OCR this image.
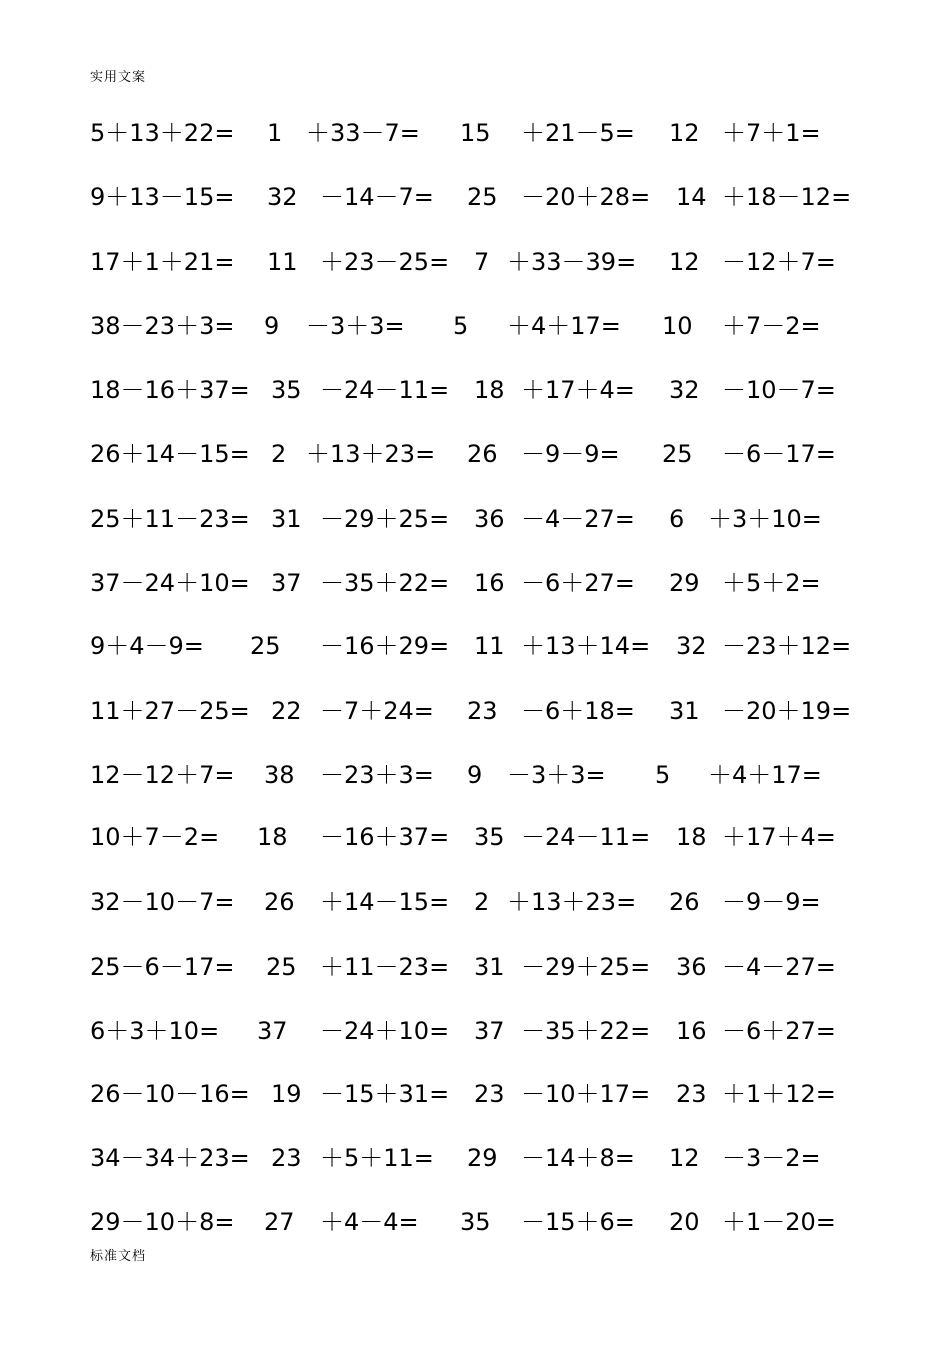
实用文案
5＋13＋22= 1 ＋33－7= 15 ＋21－5= 12 ＋7＋1=
9＋13－15= 32 －14－7= 25 －20＋28= 14 ＋18－12=
17＋1＋21= 11 ＋23－25= 7 ＋33－39= 12 －12＋7=
38－23＋3= 9 －3＋3= 5 ＋4＋17= 10 ＋7－2=
18－16＋37= 35 －24－11= 18 ＋17＋4= 32 －10－7=
26＋14－15= 2 ＋13＋23= 26 －9－9= 25 －6－17=
25＋11－23= 31 －29＋25= 36 －4－27= 6 ＋3＋10=
37－24＋10= 37 －35＋22= 16 －6＋27= 29 ＋5＋2=
9＋4－9= 25 －16＋29= 11 ＋13＋14= 32 －23＋12=
11＋27－25= 22 －7＋24= 23 －6＋18= 31 －20＋19=
12－12＋7= 38 －23＋3= 9 －3＋3= 5 ＋4＋17=
10＋7－2= 18 －16＋37= 35 －24－11= 18 ＋17＋4=
32－10－7= 26 ＋14－15= 2 ＋13＋23= 26 －9－9=
25－6－17= 25 ＋11－23= 31 －29＋25= 36 －4－27=
6＋3＋10= 37 －24＋10= 37 －35＋22= 16 －6＋27=
26－10－16= 19 －15＋31= 23 －10＋17= 23 ＋1＋12=
34－34＋23= 23 ＋5＋11= 29 －14＋8= 12 －3－2=
29－10＋8= 27 ＋4－4= 35 －15＋6= 20 ＋1－20=
标准文档
